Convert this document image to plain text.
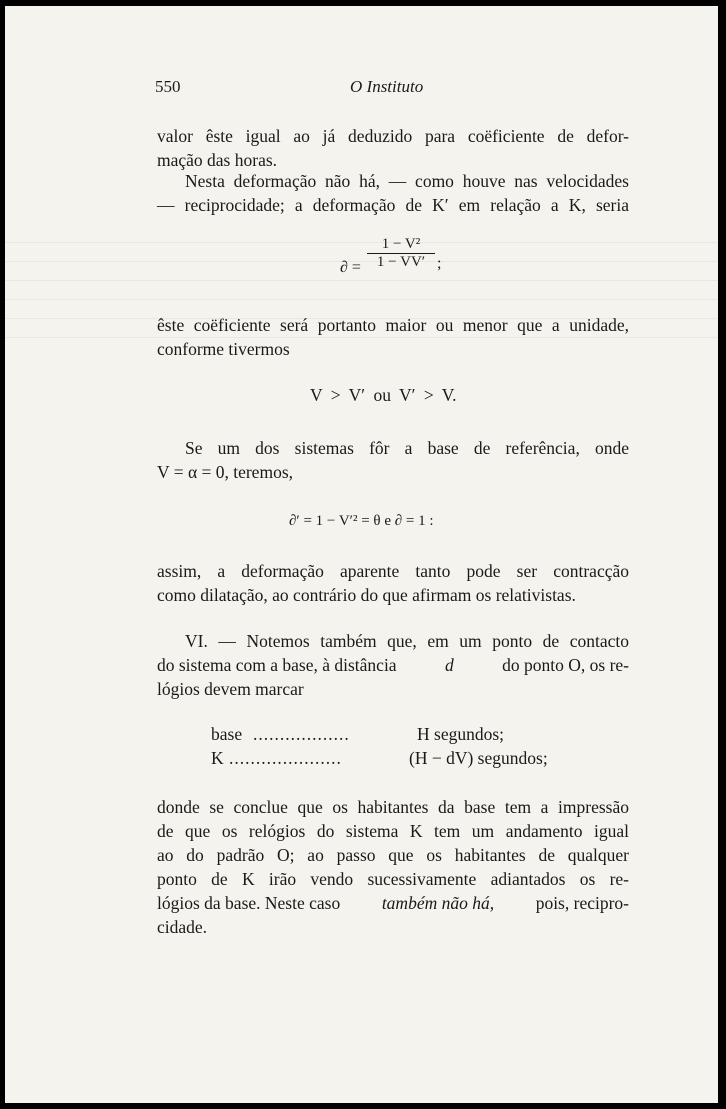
550	O Instituto
valor êste igual ao já deduzido para coëficiente de defor-
mação das horas.
Nesta deformação não há, — como houve nas velocidades
— reciprocidade; a deformação de K′ em relação a K, seria
∂ = $\frac{\text{1 − V²}}{1 - VV'}$ ;
êste coëficiente será portanto maior ou menor que a unidade,
conforme tivermos
V > V′ ou V′ > V.
Se um dos sistemas fôr a base de referência, onde
V = α = 0, teremos,
∂′ = 1 − V′² = θ e ∂ = 1 :
assim, a deformação aparente tanto pode ser contracção
como dilatação, ao contrário do que afirmam os relativistas.
VI. — Notemos também que, em um ponto de contacto
do sistema com a base, à distância	d	do ponto O, os re-
lógios devem marcar
base ..................	H segundos;
K .....................	(H − dV) segundos;
donde se conclue que os habitantes da base tem a impressão
de que os relógios do sistema K tem um andamento igual
ao do padrão O; ao passo que os habitantes de qualquer
ponto de K irão vendo sucessivamente adiantados os re-
lógios da base. Neste caso também não há, pois, recipro-
cidade.
